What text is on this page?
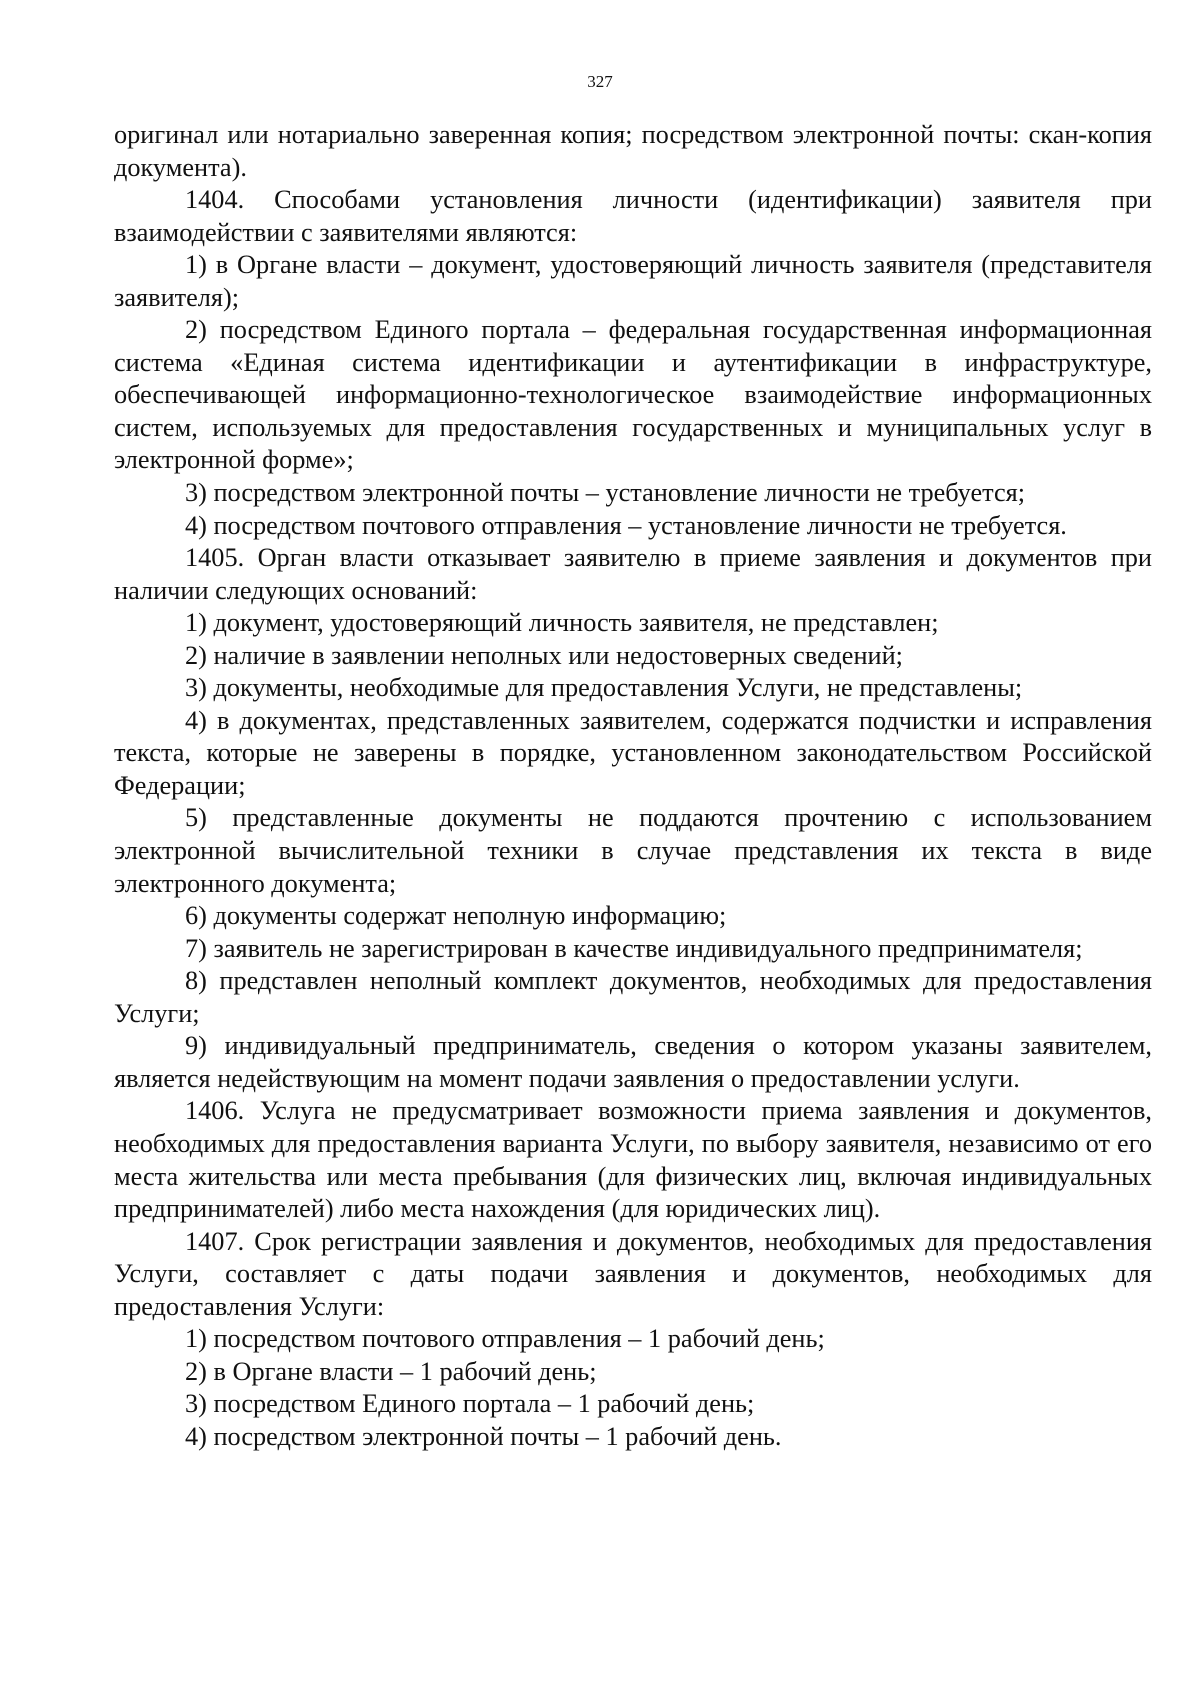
327

оригинал или нотариально заверенная копия; посредством электронной почты: скан-копия документа).

1404. Способами установления личности (идентификации) заявителя при взаимодействии с заявителями являются:

1) в Органе власти – документ, удостоверяющий личность заявителя (представителя заявителя);

2) посредством Единого портала – федеральная государственная информационная система «Единая система идентификации и аутентификации в инфраструктуре, обеспечивающей информационно-технологическое взаимодействие информационных систем, используемых для предоставления государственных и муниципальных услуг в электронной форме»;

3) посредством электронной почты – установление личности не требуется;

4) посредством почтового отправления – установление личности не требуется.

1405. Орган власти отказывает заявителю в приеме заявления и документов при наличии следующих оснований:

1) документ, удостоверяющий личность заявителя, не представлен;

2) наличие в заявлении неполных или недостоверных сведений;

3) документы, необходимые для предоставления Услуги, не представлены;

4) в документах, представленных заявителем, содержатся подчистки и исправления текста, которые не заверены в порядке, установленном законодательством Российской Федерации;

5) представленные документы не поддаются прочтению с использованием электронной вычислительной техники в случае представления их текста в виде электронного документа;

6) документы содержат неполную информацию;

7) заявитель не зарегистрирован в качестве индивидуального предпринимателя;

8) представлен неполный комплект документов, необходимых для предоставления Услуги;

9) индивидуальный предприниматель, сведения о котором указаны заявителем, является недействующим на момент подачи заявления о предоставлении услуги.

1406. Услуга не предусматривает возможности приема заявления и документов, необходимых для предоставления варианта Услуги, по выбору заявителя, независимо от его места жительства или места пребывания (для физических лиц, включая индивидуальных предпринимателей) либо места нахождения (для юридических лиц).

1407. Срок регистрации заявления и документов, необходимых для предоставления Услуги, составляет с даты подачи заявления и документов, необходимых для предоставления Услуги:

1) посредством почтового отправления – 1 рабочий день;

2) в Органе власти – 1 рабочий день;

3) посредством Единого портала – 1 рабочий день;

4) посредством электронной почты – 1 рабочий день.
